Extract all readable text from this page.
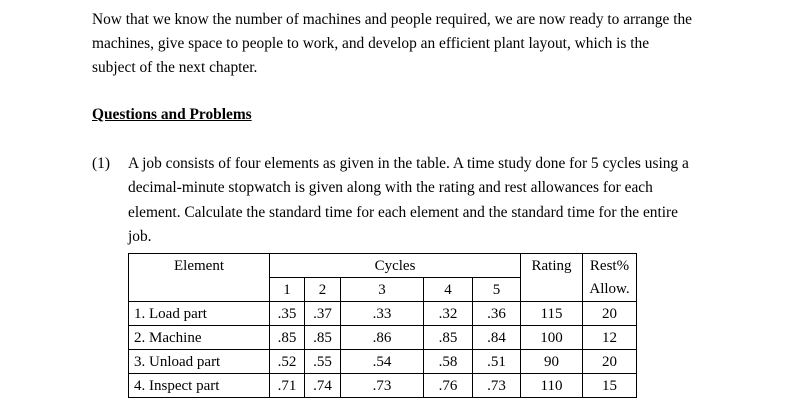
Now that we know the number of machines and people required, we are now ready to arrange the
machines, give space to people to work, and develop an efficient plant layout, which is the
subject of the next chapter.

Questions and Problems
(1) A job consists of four elements as given in the table. A time study done for 5 cycles using a
decimal-minute stopwatch is given along with the rating and rest allowances for each
element. Calculate the standard time for each element and the standard time for the entire
job.
Element	Cycles					Rating	Rest%
	1	2	3	4	5		Allow.
1. Load part	.35	.37	.33	.32	.36	115	20
2. Machine	.85	.85	.86	.85	.84	100	12
3. Unload part	.52	.55	.54	.58	.51	90	20
4. Inspect part	.71	.74	.73	.76	.73	110	15
